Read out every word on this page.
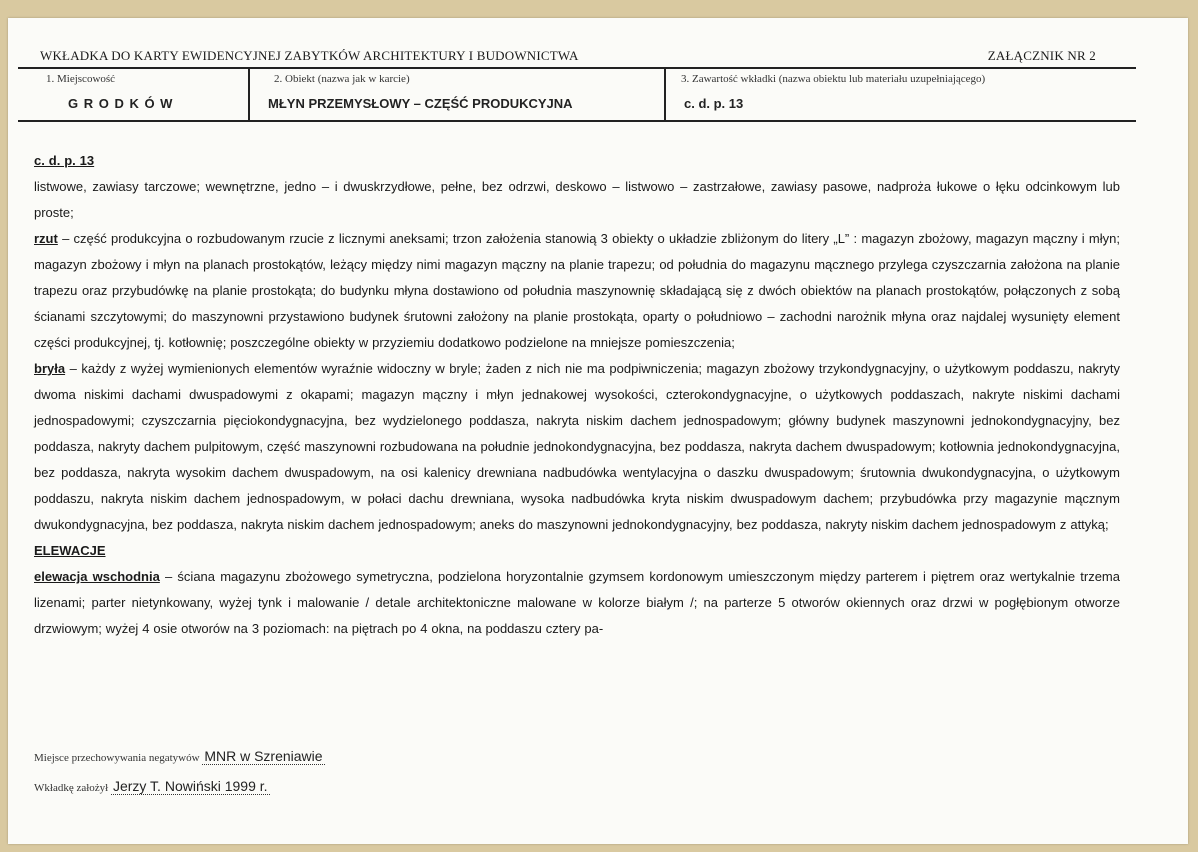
WKŁADKA DO KARTY EWIDENCYJNEJ ZABYTKÓW ARCHITEKTURY I BUDOWNICTWA	ZAŁĄCZNIK NR 2
1. Miejscowość
G R O D K Ó W
2. Obiekt (nazwa jak w karcie)
MŁYN PRZEMYSŁOWY – CZĘŚĆ PRODUKCYJNA
3. Zawartość wkładki (nazwa obiektu lub materiału uzupełniającego)
c. d. p. 13

c. d. p. 13

listwowe, zawiasy tarczowe; wewnętrzne, jedno – i dwuskrzydłowe, pełne, bez odrzwi, deskowo – listwowo – zastrzałowe, zawiasy pasowe, nadproża łukowe o łęku odcinkowym lub proste;

rzut – część produkcyjna o rozbudowanym rzucie z licznymi aneksami; trzon założenia stanowią 3 obiekty o układzie zbliżonym do litery „L” : magazyn zbożowy, magazyn mączny i młyn; magazyn zbożowy i młyn na planach prostokątów, leżący między nimi magazyn mączny na planie trapezu; od południa do magazynu mącznego przylega czyszczarnia założona na planie trapezu oraz przybudówkę na planie prostokąta; do budynku młyna dostawiono od południa maszynownię składającą się z dwóch obiektów na planach prostokątów, połączonych z sobą ścianami szczytowymi; do maszynowni przystawiono budynek śrutowni założony na planie prostokąta, oparty o południowo – zachodni narożnik młyna oraz najdalej wysunięty element części produkcyjnej, tj. kotłownię; poszczególne obiekty w przyziemiu dodatkowo podzielone na mniejsze pomieszczenia;

bryła – każdy z wyżej wymienionych elementów wyraźnie widoczny w bryle; żaden z nich nie ma podpiwniczenia; magazyn zbożowy trzykondygnacyjny, o użytkowym poddaszu, nakryty dwoma niskimi dachami dwuspadowymi z okapami; magazyn mączny i młyn jednakowej wysokości, czterokondygnacyjne, o użytkowych poddaszach, nakryte niskimi dachami jednospadowymi; czyszczarnia pięciokondygnacyjna, bez wydzielonego poddasza, nakryta niskim dachem jednospadowym; główny budynek maszynowni jednokondygnacyjny, bez poddasza, nakryty dachem pulpitowym, część maszynowni rozbudowana na południe jednokondygnacyjna, bez poddasza, nakryta dachem dwuspadowym; kotłownia jednokondygnacyjna, bez poddasza, nakryta wysokim dachem dwuspadowym, na osi kalenicy drewniana nadbudówka wentylacyjna o daszku dwuspadowym; śrutownia dwukondygnacyjna, o użytkowym poddaszu, nakryta niskim dachem jednospadowym, w połaci dachu drewniana, wysoka nadbudówka kryta niskim dwuspadowym dachem; przybudówka przy magazynie mącznym dwukondygnacyjna, bez poddasza, nakryta niskim dachem jednospadowym; aneks do maszynowni jednokondygnacyjny, bez poddasza, nakryty niskim dachem jednospadowym z attyką;

ELEWACJE

elewacja wschodnia – ściana magazynu zbożowego symetryczna, podzielona horyzontalnie gzymsem kordonowym umieszczonym między parterem i piętrem oraz wertykalnie trzema lizenami; parter nietynkowany, wyżej tynk i malowanie / detale architektoniczne malowane w kolorze białym /; na parterze 5 otworów okiennych oraz drzwi w pogłębionym otworze drzwiowym; wyżej 4 osie otworów na 3 poziomach: na piętrach po 4 okna, na poddaszu cztery pa-

Miejsce przechowywania negatywów MNR w Szreniawie
Wkładkę założył Jerzy T. Nowiński 1999 r.
